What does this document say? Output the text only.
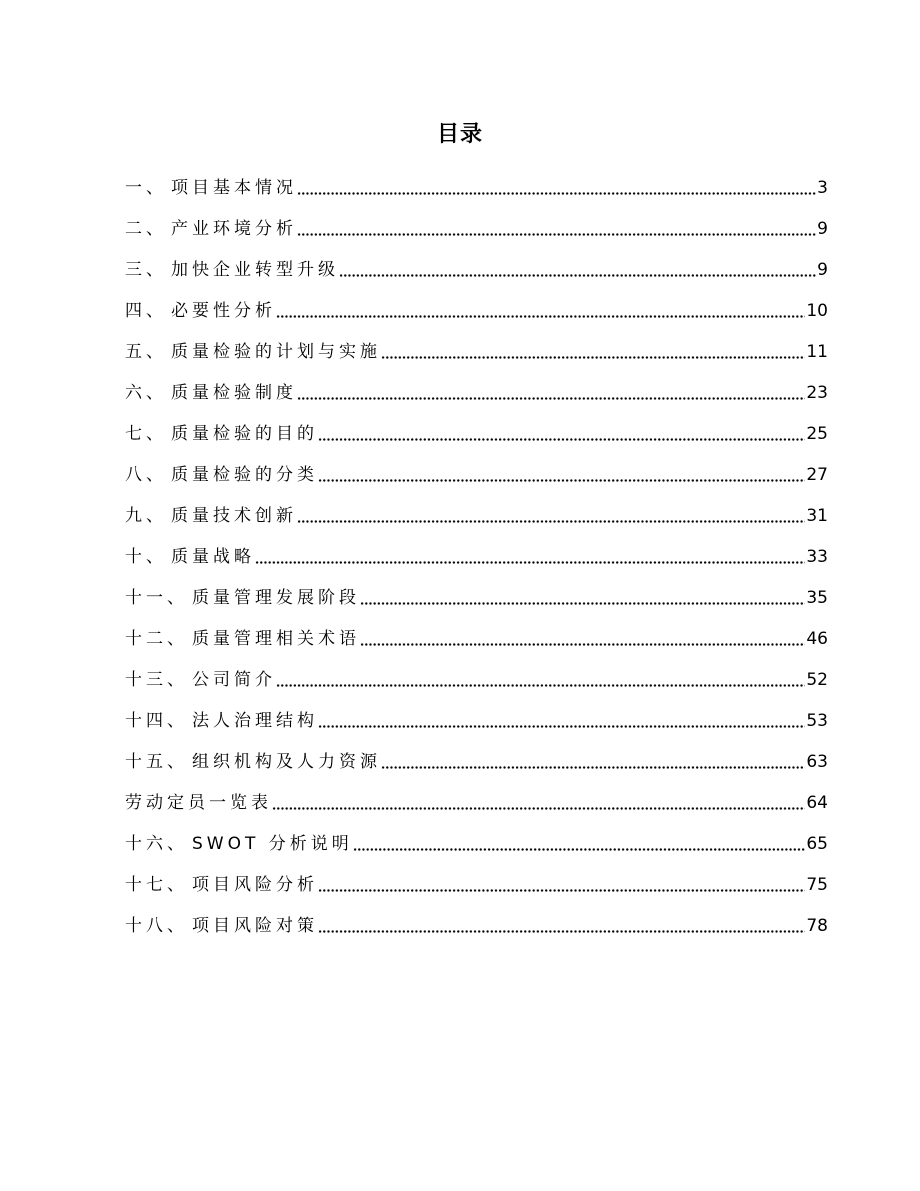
目录
一、 项目基本情况	3
二、 产业环境分析	9
三、 加快企业转型升级	9
四、 必要性分析	10
五、 质量检验的计划与实施	11
六、 质量检验制度	23
七、 质量检验的目的	25
八、 质量检验的分类	27
九、 质量技术创新	31
十、 质量战略	33
十一、 质量管理发展阶段	35
十二、 质量管理相关术语	46
十三、 公司简介	52
十四、 法人治理结构	53
十五、 组织机构及人力资源	63
劳动定员一览表	64
十六、 SWOT 分析说明	65
十七、 项目风险分析	75
十八、 项目风险对策	78
